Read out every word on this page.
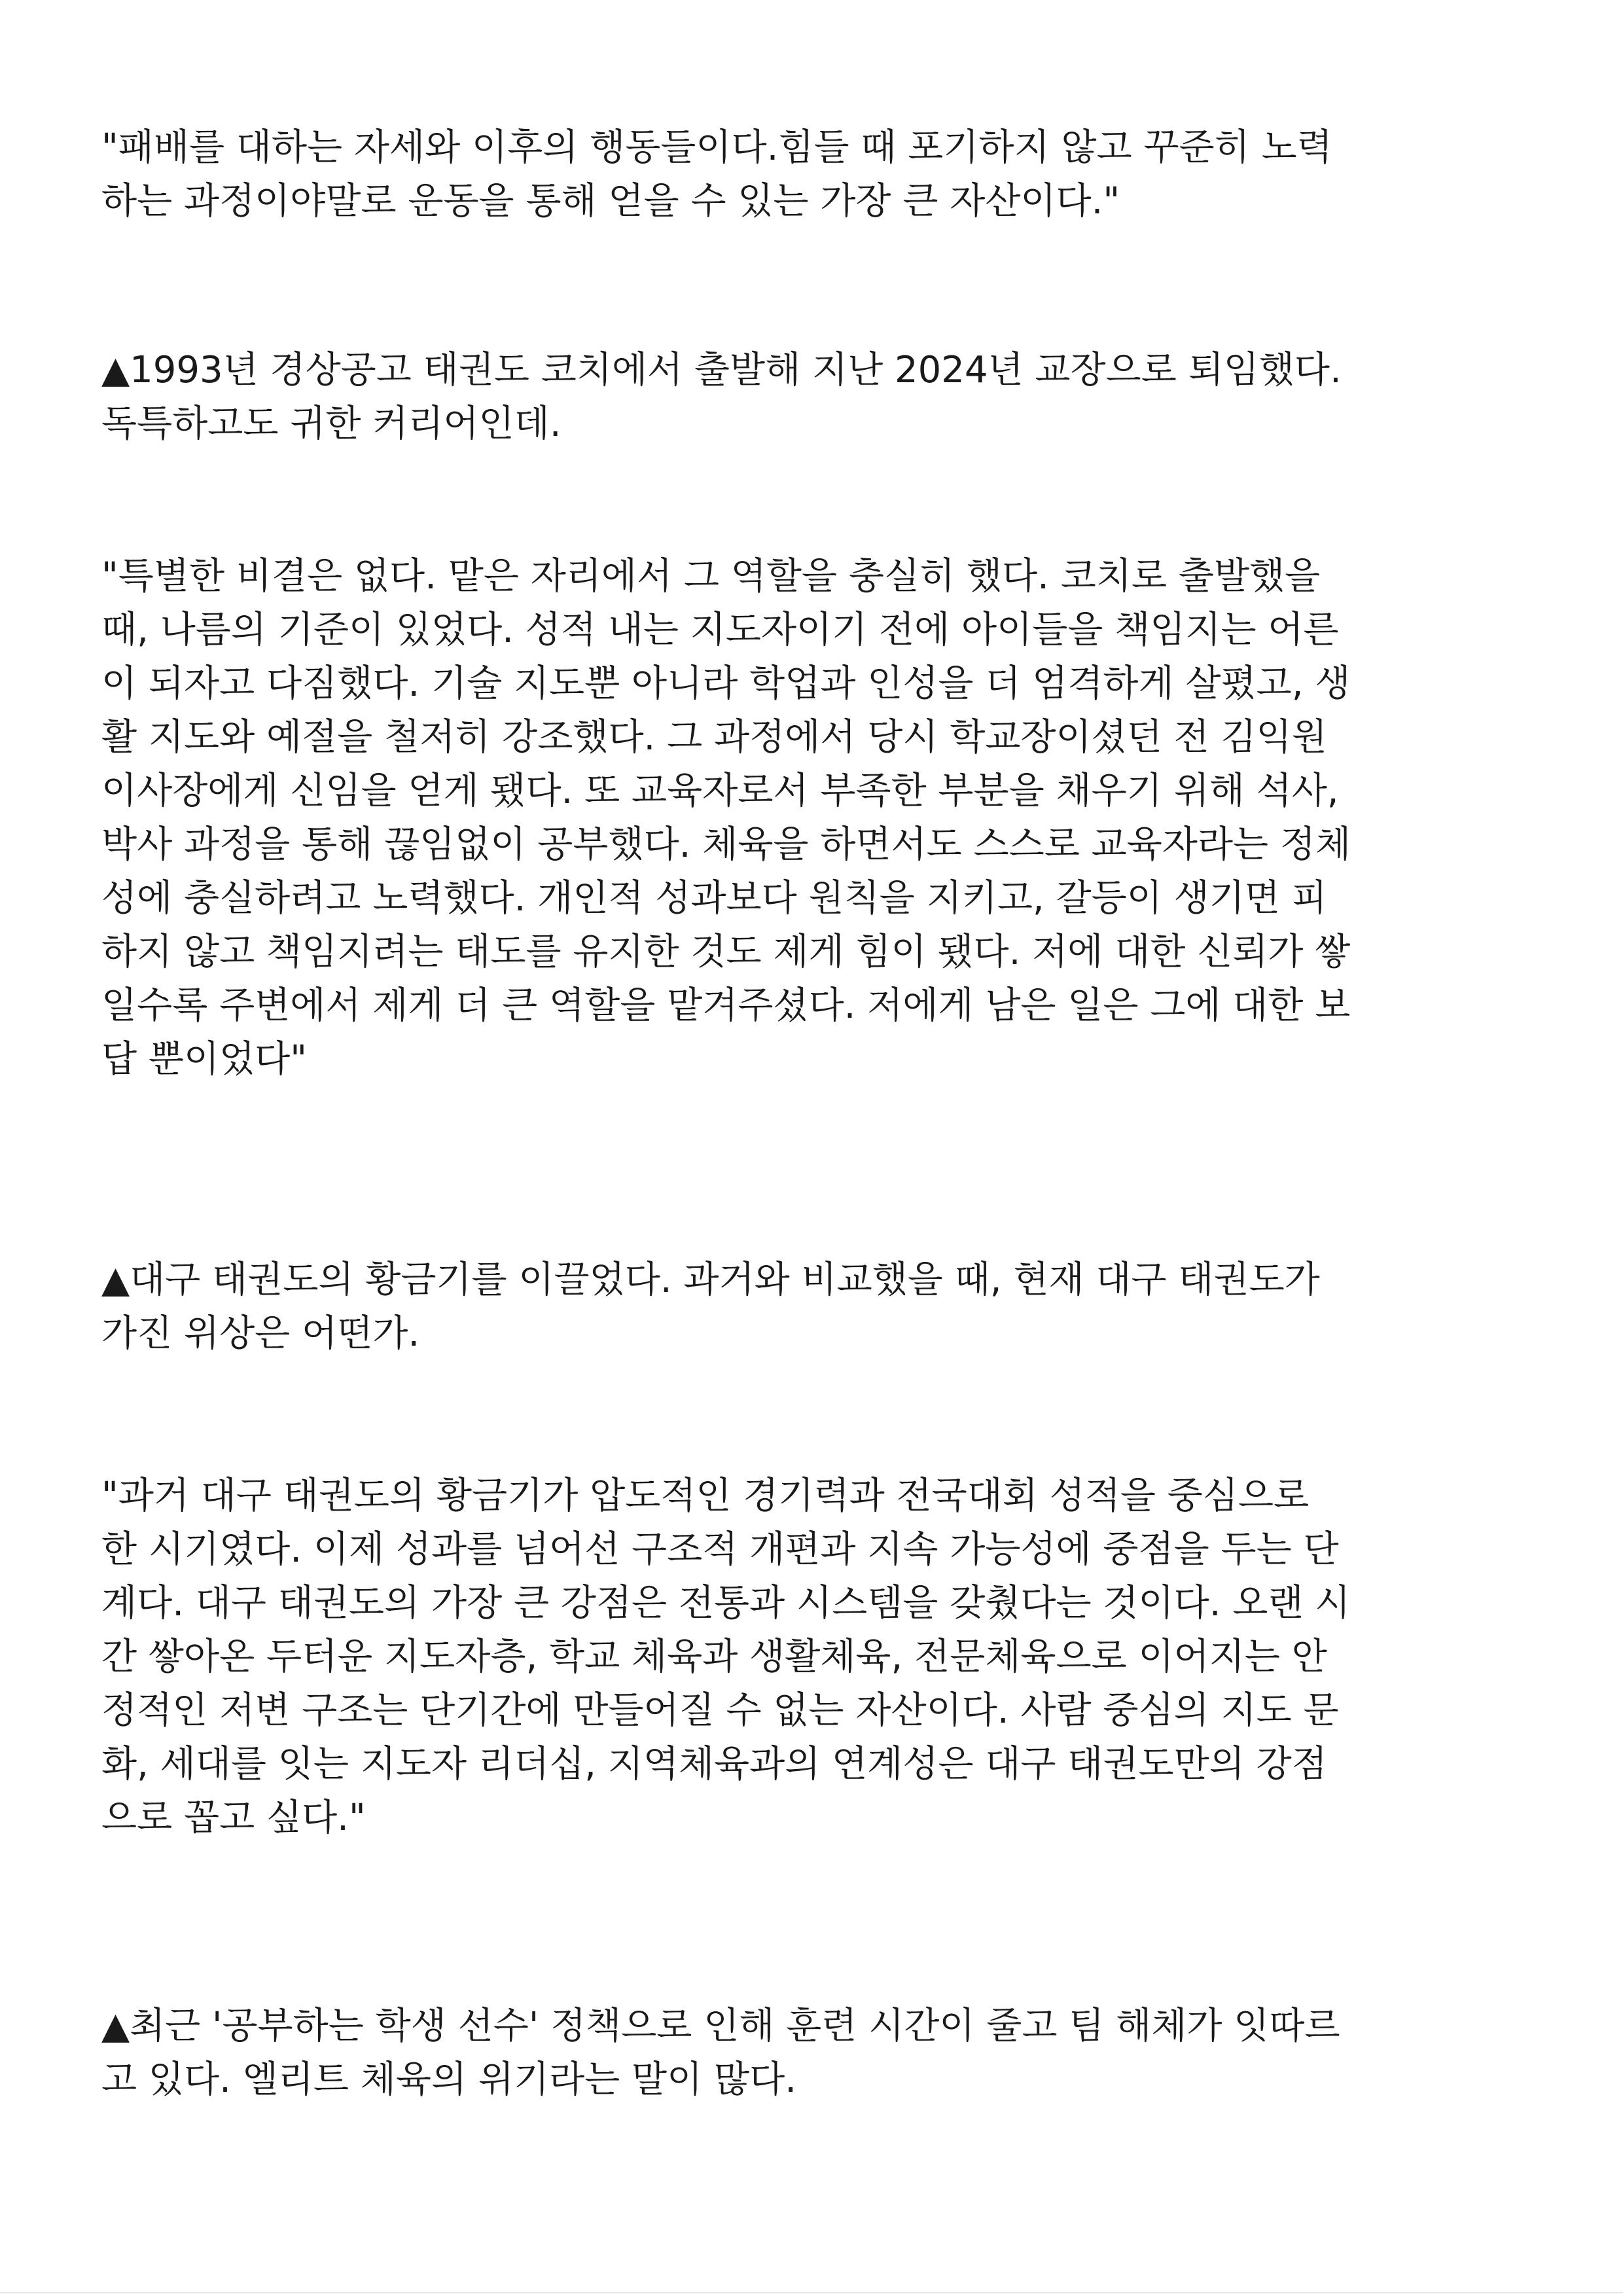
"패배를 대하는 자세와 이후의 행동들이다.힘들 때 포기하지 않고 꾸준히 노력
하는 과정이야말로 운동을 통해 얻을 수 있는 가장 큰 자산이다."
▲1993년 경상공고 태권도 코치에서 출발해 지난 2024년 교장으로 퇴임했다.
독특하고도 귀한 커리어인데.
"특별한 비결은 없다. 맡은 자리에서 그 역할을 충실히 했다. 코치로 출발했을
때, 나름의 기준이 있었다. 성적 내는 지도자이기 전에 아이들을 책임지는 어른
이 되자고 다짐했다. 기술 지도뿐 아니라 학업과 인성을 더 엄격하게 살폈고, 생
활 지도와 예절을 철저히 강조했다. 그 과정에서 당시 학교장이셨던 전 김익원
이사장에게 신임을 얻게 됐다. 또 교육자로서 부족한 부분을 채우기 위해 석사,
박사 과정을 통해 끊임없이 공부했다. 체육을 하면서도 스스로 교육자라는 정체
성에 충실하려고 노력했다. 개인적 성과보다 원칙을 지키고, 갈등이 생기면 피
하지 않고 책임지려는 태도를 유지한 것도 제게 힘이 됐다. 저에 대한 신뢰가 쌓
일수록 주변에서 제게 더 큰 역할을 맡겨주셨다. 저에게 남은 일은 그에 대한 보
답 뿐이었다"
▲대구 태권도의 황금기를 이끌었다. 과거와 비교했을 때, 현재 대구 태권도가
가진 위상은 어떤가.
"과거 대구 태권도의 황금기가 압도적인 경기력과 전국대회 성적을 중심으로
한 시기였다. 이제 성과를 넘어선 구조적 개편과 지속 가능성에 중점을 두는 단
계다. 대구 태권도의 가장 큰 강점은 전통과 시스템을 갖췄다는 것이다. 오랜 시
간 쌓아온 두터운 지도자층, 학교 체육과 생활체육, 전문체육으로 이어지는 안
정적인 저변 구조는 단기간에 만들어질 수 없는 자산이다. 사람 중심의 지도 문
화, 세대를 잇는 지도자 리더십, 지역체육과의 연계성은 대구 태권도만의 강점
으로 꼽고 싶다."
▲최근 '공부하는 학생 선수' 정책으로 인해 훈련 시간이 줄고 팀 해체가 잇따르
고 있다. 엘리트 체육의 위기라는 말이 많다.
